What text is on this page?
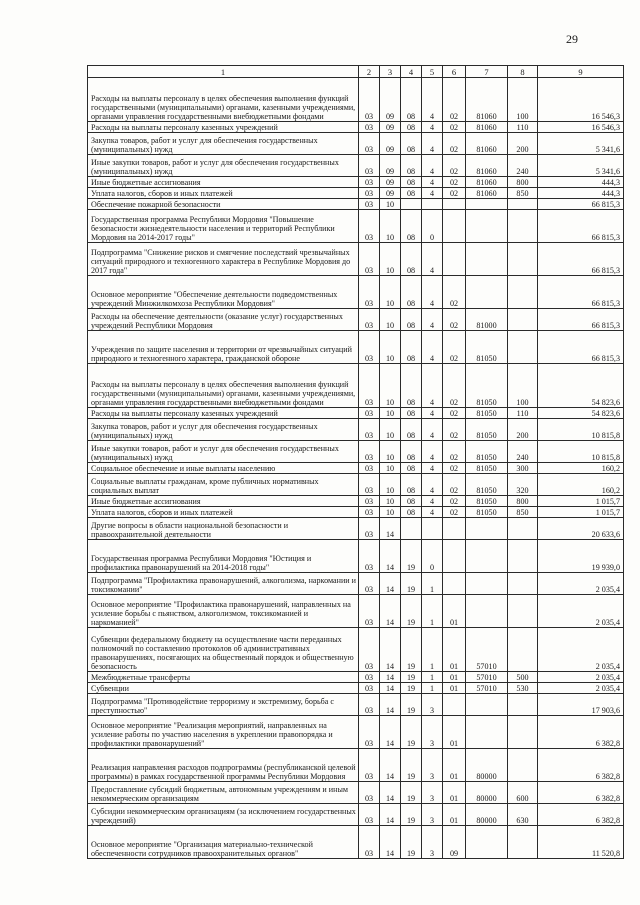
29
1	2	3	4	5	6	7	8	9
Расходы на выплаты персоналу в целях обеспечения выполнения функций государственными (муниципальными) органами, казенными учреждениями, органами управления государственными внебюджетными фондами	03	09	08	4	02	81060	100	16 546,3
Расходы на выплаты персоналу казенных учреждений	03	09	08	4	02	81060	110	16 546,3
Закупка товаров, работ и услуг для обеспечения государственных (муниципальных) нужд	03	09	08	4	02	81060	200	5 341,6
Иные закупки товаров, работ и услуг для обеспечения государственных (муниципальных) нужд	03	09	08	4	02	81060	240	5 341,6
Иные бюджетные ассигнования	03	09	08	4	02	81060	800	444,3
Уплата налогов, сборов и иных платежей	03	09	08	4	02	81060	850	444,3
Обеспечение пожарной безопасности	03	10						66 815,3
Государственная программа Республики Мордовия "Повышение безопасности жизнедеятельности населения и территорий Республики Мордовия на 2014-2017 годы"	03	10	08	0				66 815,3
Подпрограмма "Снижение рисков и смягчение последствий чрезвычайных ситуаций природного и техногенного характера в Республике Мордовия до 2017 года"	03	10	08	4				66 815,3
Основное мероприятие "Обеспечение деятельности подведомственных учреждений Минжилкомхоза Республики Мордовия"	03	10	08	4	02			66 815,3
Расходы на обеспечение деятельности (оказание услуг) государственных учреждений Республики Мордовия	03	10	08	4	02	81000		66 815,3
Учреждения по защите населения и территории от чрезвычайных ситуаций природного и техногенного характера, гражданской обороне	03	10	08	4	02	81050		66 815,3
Расходы на выплаты персоналу в целях обеспечения выполнения функций государственными (муниципальными) органами, казенными учреждениями, органами управления государственными внебюджетными фондами	03	10	08	4	02	81050	100	54 823,6
Расходы на выплаты персоналу казенных учреждений	03	10	08	4	02	81050	110	54 823,6
Закупка товаров, работ и услуг для обеспечения государственных (муниципальных) нужд	03	10	08	4	02	81050	200	10 815,8
Иные закупки товаров, работ и услуг для обеспечения государственных (муниципальных) нужд	03	10	08	4	02	81050	240	10 815,8
Социальное обеспечение и иные выплаты населению	03	10	08	4	02	81050	300	160,2
Социальные выплаты гражданам, кроме публичных нормативных социальных выплат	03	10	08	4	02	81050	320	160,2
Иные бюджетные ассигнования	03	10	08	4	02	81050	800	1 015,7
Уплата налогов, сборов и иных платежей	03	10	08	4	02	81050	850	1 015,7
Другие вопросы в области национальной безопасности и правоохранительной деятельности	03	14						20 633,6
Государственная программа Республики Мордовия "Юстиция и профилактика правонарушений на 2014-2018 годы"	03	14	19	0				19 939,0
Подпрограмма "Профилактика правонарушений, алкоголизма, наркомании и токсикомании"	03	14	19	1				2 035,4
Основное мероприятие "Профилактика правонарушений, направленных на усиление борьбы с пьянством, алкоголизмом, токсикоманией и наркоманией"	03	14	19	1	01			2 035,4
Субвенции федеральному бюджету на осуществление части переданных полномочий по составлению протоколов об административных правонарушениях, посягающих на общественный порядок и общественную безопасность	03	14	19	1	01	57010		2 035,4
Межбюджетные трансферты	03	14	19	1	01	57010	500	2 035,4
Субвенции	03	14	19	1	01	57010	530	2 035,4
Подпрограмма "Противодействие терроризму и экстремизму, борьба с преступностью"	03	14	19	3				17 903,6
Основное мероприятие "Реализация мероприятий, направленных на усиление работы по участию населения в укреплении правопорядка и профилактики правонарушений"	03	14	19	3	01			6 382,8
Реализация направления расходов подпрограммы (республиканской целевой программы) в рамках государственной программы Республики Мордовия	03	14	19	3	01	80000		6 382,8
Предоставление субсидий бюджетным, автономным учреждениям и иным некоммерческим организациям	03	14	19	3	01	80000	600	6 382,8
Субсидии некоммерческим организациям (за исключением государственных учреждений)	03	14	19	3	01	80000	630	6 382,8
Основное мероприятие "Организация материально-технической обеспеченности сотрудников правоохранительных органов"	03	14	19	3	09			11 520,8
